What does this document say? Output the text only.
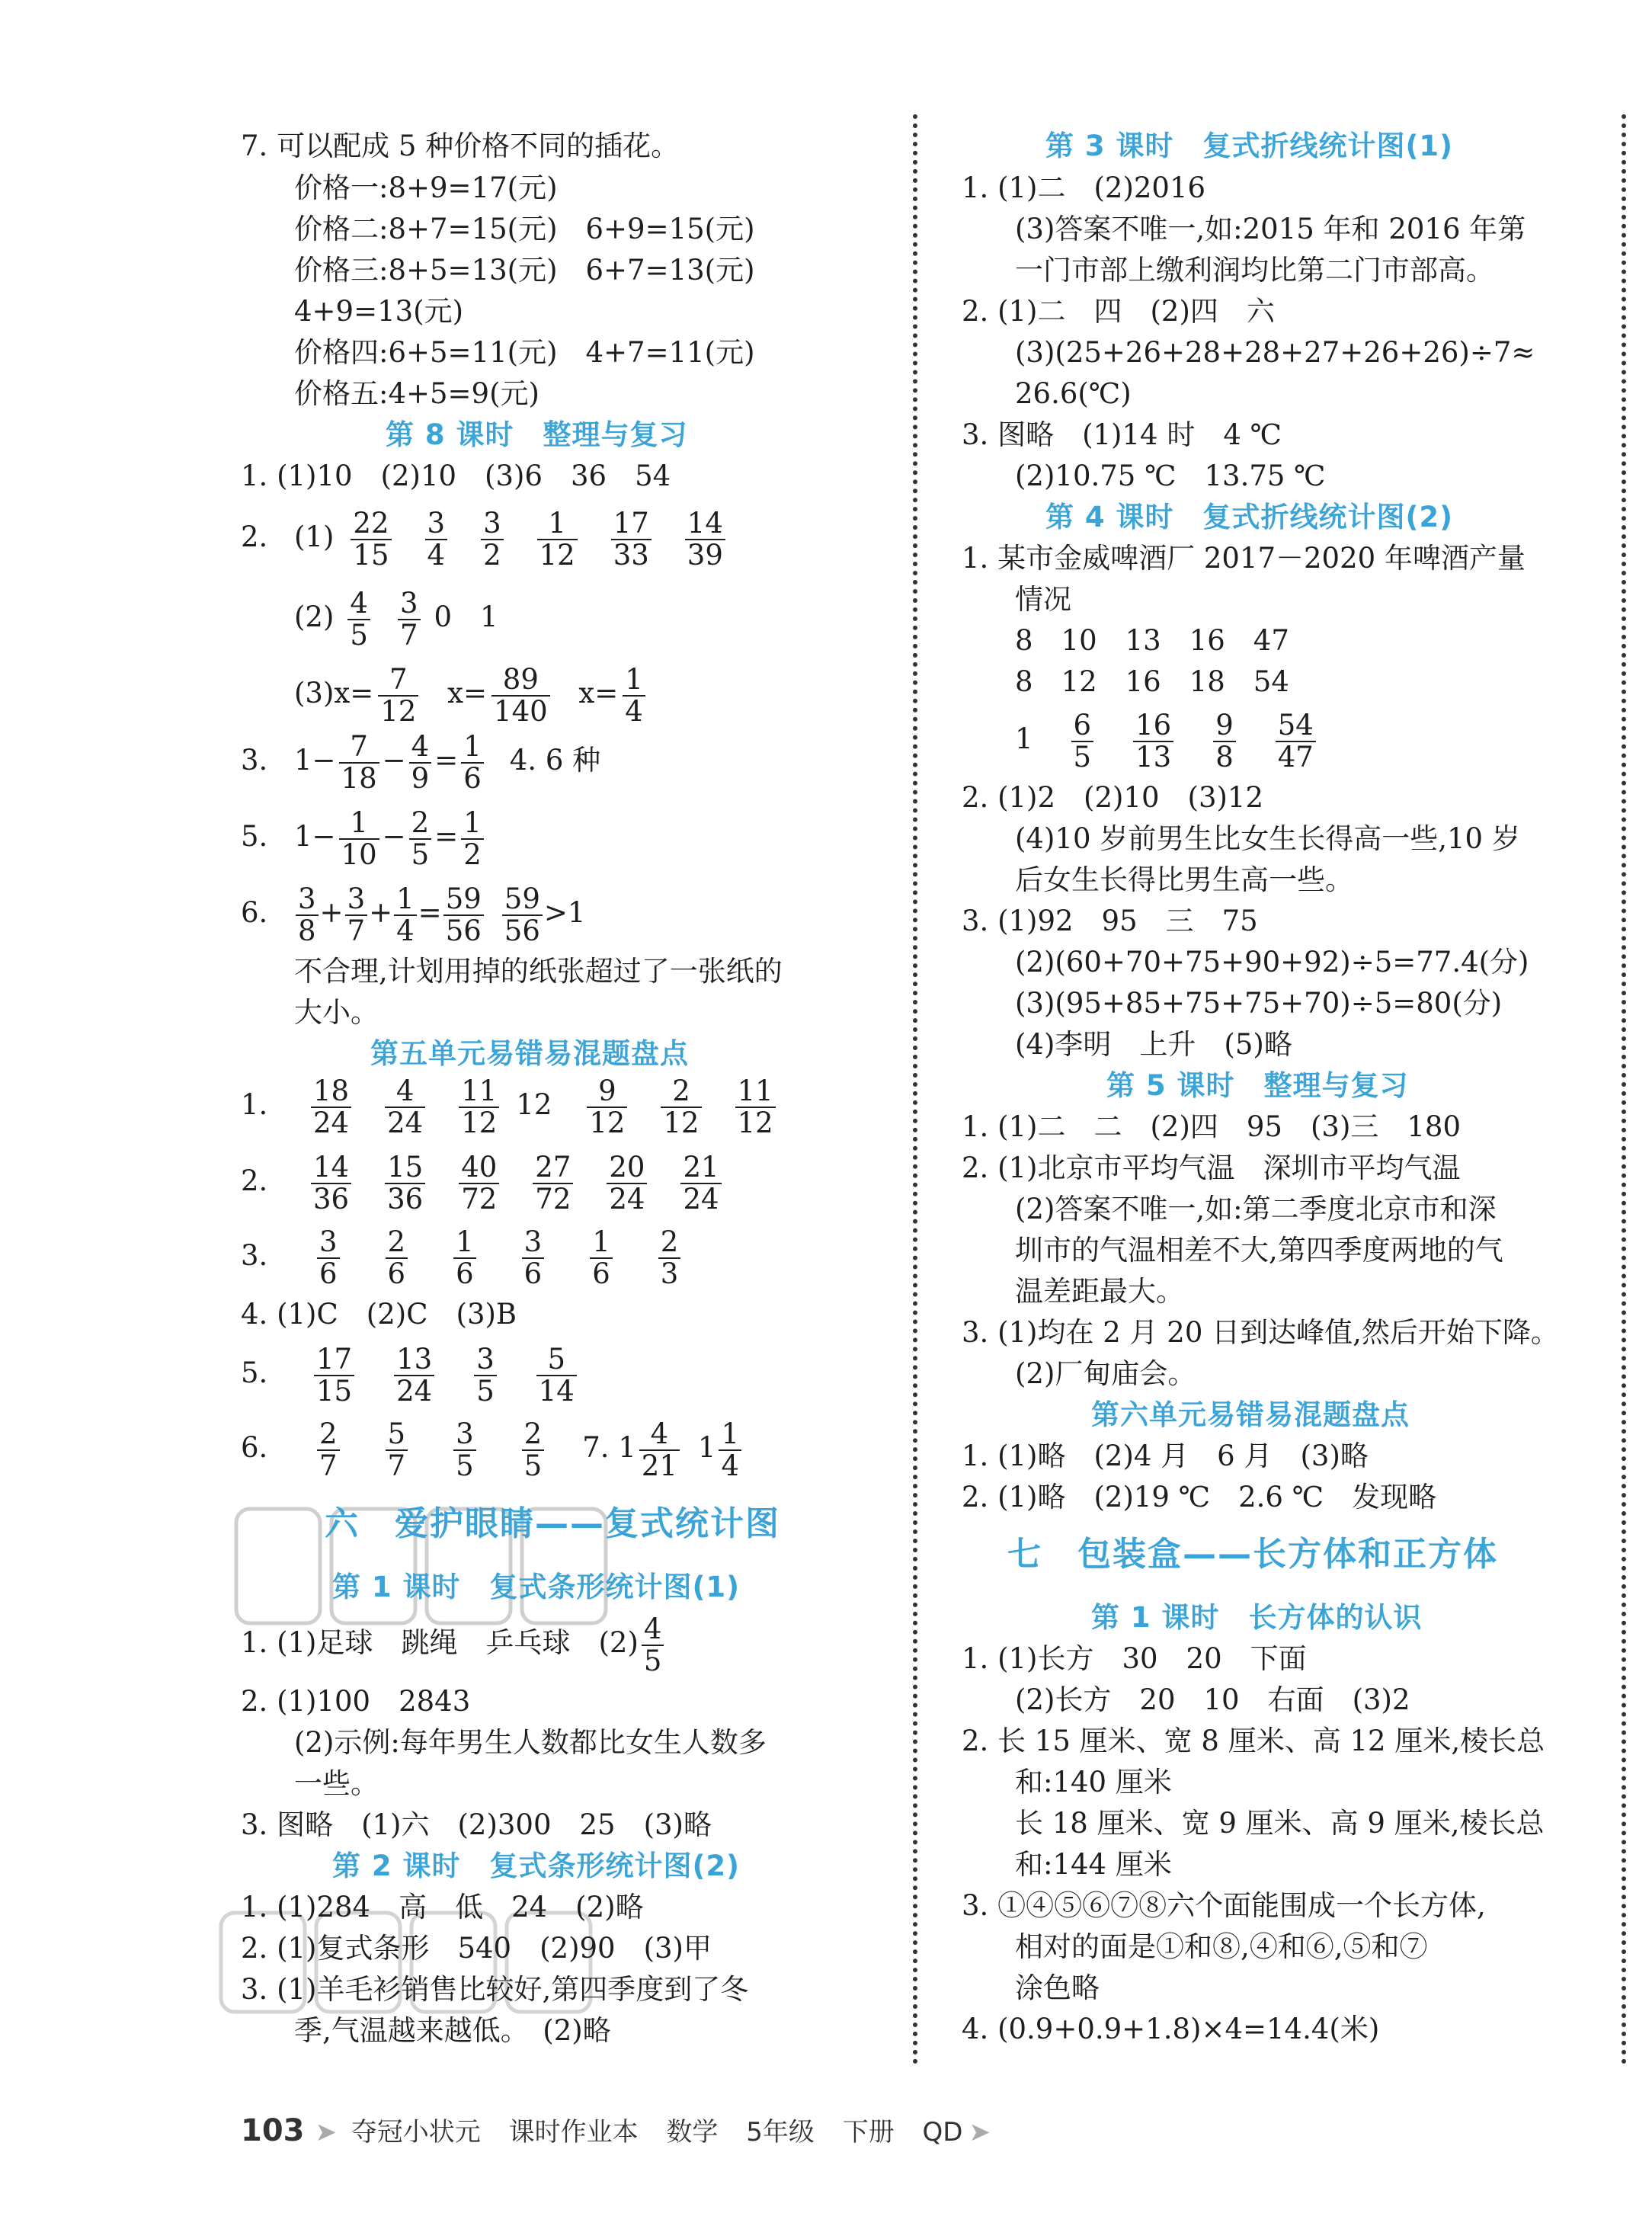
7. 可以配成 5 种价格不同的插花。
价格一:8+9=17(元)
价格二:8+7=15(元)　6+9=15(元)
价格三:8+5=13(元)　6+7=13(元)
4+9=13(元)
价格四:6+5=11(元)　4+7=11(元)
价格五:4+5=9(元)
第 8 课时　整理与复习
1. (1)10　(2)10　(3)6　36　54
2. $(1) \frac{22}{15} \frac{3}{4} \frac{3}{2} \frac{1}{12} \frac{17}{33} \frac{14}{39}$
$(2) \frac{4}{5} \frac{3}{7} 0$　1
$(3)x= \frac{7}{12} x= \frac{89}{140} x= \frac{1}{4}$
3. $1- \frac{7}{18} - \frac{4}{9} = \frac{1}{6} 4$. 6 种
5. $1- \frac{1}{10} - \frac{2}{5} = \frac{1}{2}$
6. $\frac{3}{8} + \frac{3}{7} + \frac{1}{4} = \frac{59}{56} \frac{59}{56} >1$
不合理,计划用掉的纸张超过了一张纸的
大小。
第五单元易错易混题盘点
1. $\frac{18}{24} \frac{4}{24} \frac{11}{12} 12 \frac{9}{12} \frac{2}{12} \frac{11}{12}$
2. $\frac{14}{36} \frac{15}{36} \frac{40}{72} \frac{27}{72} \frac{20}{24} \frac{21}{24}$
3. $\frac{3}{6} \frac{2}{6} \frac{1}{6} \frac{3}{6} \frac{1}{6} \frac{2}{3}$
4. (1)C　(2)C　(3)B
5. $\frac{17}{15} \frac{13}{24} \frac{3}{5} \frac{5}{14}$
6. $\frac{2}{7} \frac{5}{7} \frac{3}{5} \frac{2}{5} 7$. $1 \frac{4}{21} 1 \frac{1}{4}$
六　爱护眼睛——复式统计图
第 1 课时　复式条形统计图(1)
1. (1)足球　跳绳　乒乓球　$(2) \frac{4}{5}$
2. (1)100　2843
(2)示例:每年男生人数都比女生人数多
一些。
3. 图略　(1)六　(2)300　25　(3)略
第 2 课时　复式条形统计图(2)
1. (1)284　高　低　24　(2)略
2. (1)复式条形　540　(2)90　(3)甲
3. (1)羊毛衫销售比较好,第四季度到了冬
季,气温越来越低。　(2)略
第 3 课时　复式折线统计图(1)
1. (1)二　(2)2016
(3)答案不唯一,如:2015 年和 2016 年第
一门市部上缴利润均比第二门市部高。
2. (1)二　四　(2)四　六
(3)(25+26+28+28+27+26+26)÷7≈
26.6(℃)
3. 图略　(1)14 时　4 ℃
(2)10.75 ℃　13.75 ℃
第 4 课时　复式折线统计图(2)
1. 某市金威啤酒厂 2017－2020 年啤酒产量
情况
8　10　13　16　47
8　12　16　18　54
$1 \frac{6}{5} \frac{16}{13} \frac{9}{8} \frac{54}{47}$
2. (1)2　(2)10　(3)12
(4)10 岁前男生比女生长得高一些,10 岁
后女生长得比男生高一些。
3. (1)92　95　三　75
(2)(60+70+75+90+92)÷5=77.4(分)
(3)(95+85+75+75+70)÷5=80(分)
(4)李明　上升　(5)略
第 5 课时　整理与复习
1. (1)二　二　(2)四　95　(3)三　180
2. (1)北京市平均气温　深圳市平均气温
(2)答案不唯一,如:第二季度北京市和深
圳市的气温相差不大,第四季度两地的气
温差距最大。
3. (1)均在 2 月 20 日到达峰值,然后开始下降。
(2)厂甸庙会。
第六单元易错易混题盘点
1. (1)略　(2)4 月　6 月　(3)略
2. (1)略　(2)19 ℃　2.6 ℃　发现略
七　包装盒——长方体和正方体
第 1 课时　长方体的认识
1. (1)长方　30　20　下面
(2)长方　20　10　右面　(3)2
2. 长 15 厘米、宽 8 厘米、高 12 厘米,棱长总
和:140 厘米
长 18 厘米、宽 9 厘米、高 9 厘米,棱长总
和:144 厘米
3. ①④⑤⑥⑦⑧六个面能围成一个长方体,
相对的面是①和⑧,④和⑥,⑤和⑦
涂色略
4. (0.9+0.9+1.8)×4=14.4(米)
103 ➤ 夺冠小状元 课时作业本 数学 5年级 下册 QD ➤
